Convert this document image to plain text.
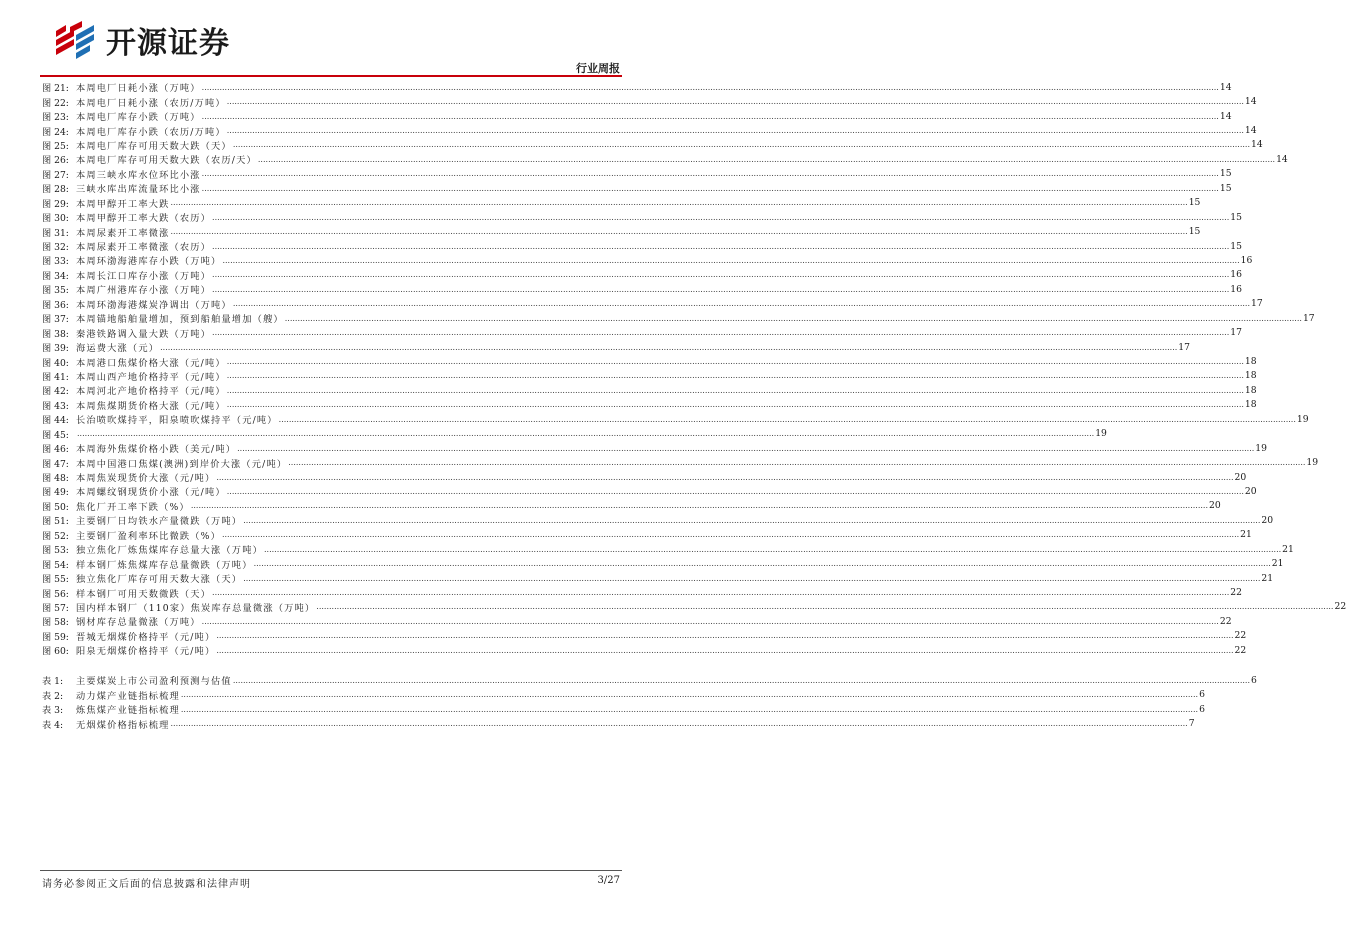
开源证券
行业周报
图 21: 本周电厂日耗小涨（万吨） ................................................................................................................................................................................................................................................................................................................................................................................................................ 14
图 22: 本周电厂日耗小涨（农历/万吨） ................................................................................................................................................................................................................................................................................................................................................................................................................ 14
图 23: 本周电厂库存小跌（万吨） ................................................................................................................................................................................................................................................................................................................................................................................................................ 14
图 24: 本周电厂库存小跌（农历/万吨） ................................................................................................................................................................................................................................................................................................................................................................................................................ 14
图 25: 本周电厂库存可用天数大跌（天） ................................................................................................................................................................................................................................................................................................................................................................................................................ 14
图 26: 本周电厂库存可用天数大跌（农历/天） ................................................................................................................................................................................................................................................................................................................................................................................................................ 14
图 27: 本周三峡水库水位环比小涨 ................................................................................................................................................................................................................................................................................................................................................................................................................ 15
图 28: 三峡水库出库流量环比小涨 ................................................................................................................................................................................................................................................................................................................................................................................................................ 15
图 29: 本周甲醇开工率大跌 ................................................................................................................................................................................................................................................................................................................................................................................................................ 15
图 30: 本周甲醇开工率大跌（农历） ................................................................................................................................................................................................................................................................................................................................................................................................................ 15
图 31: 本周尿素开工率微涨 ................................................................................................................................................................................................................................................................................................................................................................................................................ 15
图 32: 本周尿素开工率微涨（农历） ................................................................................................................................................................................................................................................................................................................................................................................................................ 15
图 33: 本周环渤海港库存小跌（万吨） ................................................................................................................................................................................................................................................................................................................................................................................................................ 16
图 34: 本周长江口库存小涨（万吨） ................................................................................................................................................................................................................................................................................................................................................................................................................ 16
图 35: 本周广州港库存小涨（万吨） ................................................................................................................................................................................................................................................................................................................................................................................................................ 16
图 36: 本周环渤海港煤炭净调出（万吨） ................................................................................................................................................................................................................................................................................................................................................................................................................ 17
图 37: 本周锚地船舶量增加，预到船舶量增加（艘） ................................................................................................................................................................................................................................................................................................................................................................................................................ 17
图 38: 秦港铁路调入量大跌（万吨） ................................................................................................................................................................................................................................................................................................................................................................................................................ 17
图 39: 海运费大涨（元） ................................................................................................................................................................................................................................................................................................................................................................................................................ 17
图 40: 本周港口焦煤价格大涨（元/吨） ................................................................................................................................................................................................................................................................................................................................................................................................................ 18
图 41: 本周山西产地价格持平（元/吨） ................................................................................................................................................................................................................................................................................................................................................................................................................ 18
图 42: 本周河北产地价格持平（元/吨） ................................................................................................................................................................................................................................................................................................................................................................................................................ 18
图 43: 本周焦煤期货价格大涨（元/吨） ................................................................................................................................................................................................................................................................................................................................................................................................................ 18
图 44: 长治喷吹煤持平，阳泉喷吹煤持平（元/吨） ................................................................................................................................................................................................................................................................................................................................................................................................................ 19
图 45:	................................................................................................................................................................................................................................................................................................................................................................................................................ 19
图 46: 本周海外焦煤价格小跌（美元/吨） ................................................................................................................................................................................................................................................................................................................................................................................................................ 19
图 47: 本周中国港口焦煤(澳洲)到岸价大涨（元/吨） ................................................................................................................................................................................................................................................................................................................................................................................................................ 19
图 48: 本周焦炭现货价大涨（元/吨） ................................................................................................................................................................................................................................................................................................................................................................................................................ 20
图 49: 本周螺纹钢现货价小涨（元/吨） ................................................................................................................................................................................................................................................................................................................................................................................................................ 20
图 50: 焦化厂开工率下跌（%） ................................................................................................................................................................................................................................................................................................................................................................................................................ 20
图 51: 主要钢厂日均铁水产量微跌（万吨） ................................................................................................................................................................................................................................................................................................................................................................................................................ 20
图 52: 主要钢厂盈利率环比微跌（%） ................................................................................................................................................................................................................................................................................................................................................................................................................ 21
图 53: 独立焦化厂炼焦煤库存总量大涨（万吨） ................................................................................................................................................................................................................................................................................................................................................................................................................ 21
图 54: 样本钢厂炼焦煤库存总量微跌（万吨） ................................................................................................................................................................................................................................................................................................................................................................................................................ 21
图 55: 独立焦化厂库存可用天数大涨（天） ................................................................................................................................................................................................................................................................................................................................................................................................................ 21
图 56: 样本钢厂可用天数微跌（天） ................................................................................................................................................................................................................................................................................................................................................................................................................ 22
图 57: 国内样本钢厂（110家）焦炭库存总量微涨（万吨） ................................................................................................................................................................................................................................................................................................................................................................................................................ 22
图 58: 钢材库存总量微涨（万吨） ................................................................................................................................................................................................................................................................................................................................................................................................................ 22
图 59: 晋城无烟煤价格持平（元/吨） ................................................................................................................................................................................................................................................................................................................................................................................................................ 22
图 60: 阳泉无烟煤价格持平（元/吨） ................................................................................................................................................................................................................................................................................................................................................................................................................ 22
表 1:	主要煤炭上市公司盈利预测与估值 ................................................................................................................................................................................................................................................................................................................................................................................................................ 6
表 2:	动力煤产业链指标梳理 ................................................................................................................................................................................................................................................................................................................................................................................................................ 6
表 3:	炼焦煤产业链指标梳理 ................................................................................................................................................................................................................................................................................................................................................................................................................ 6
表 4:	无烟煤价格指标梳理 ................................................................................................................................................................................................................................................................................................................................................................................................................ 7
请务必参阅正文后面的信息披露和法律声明	3/27
